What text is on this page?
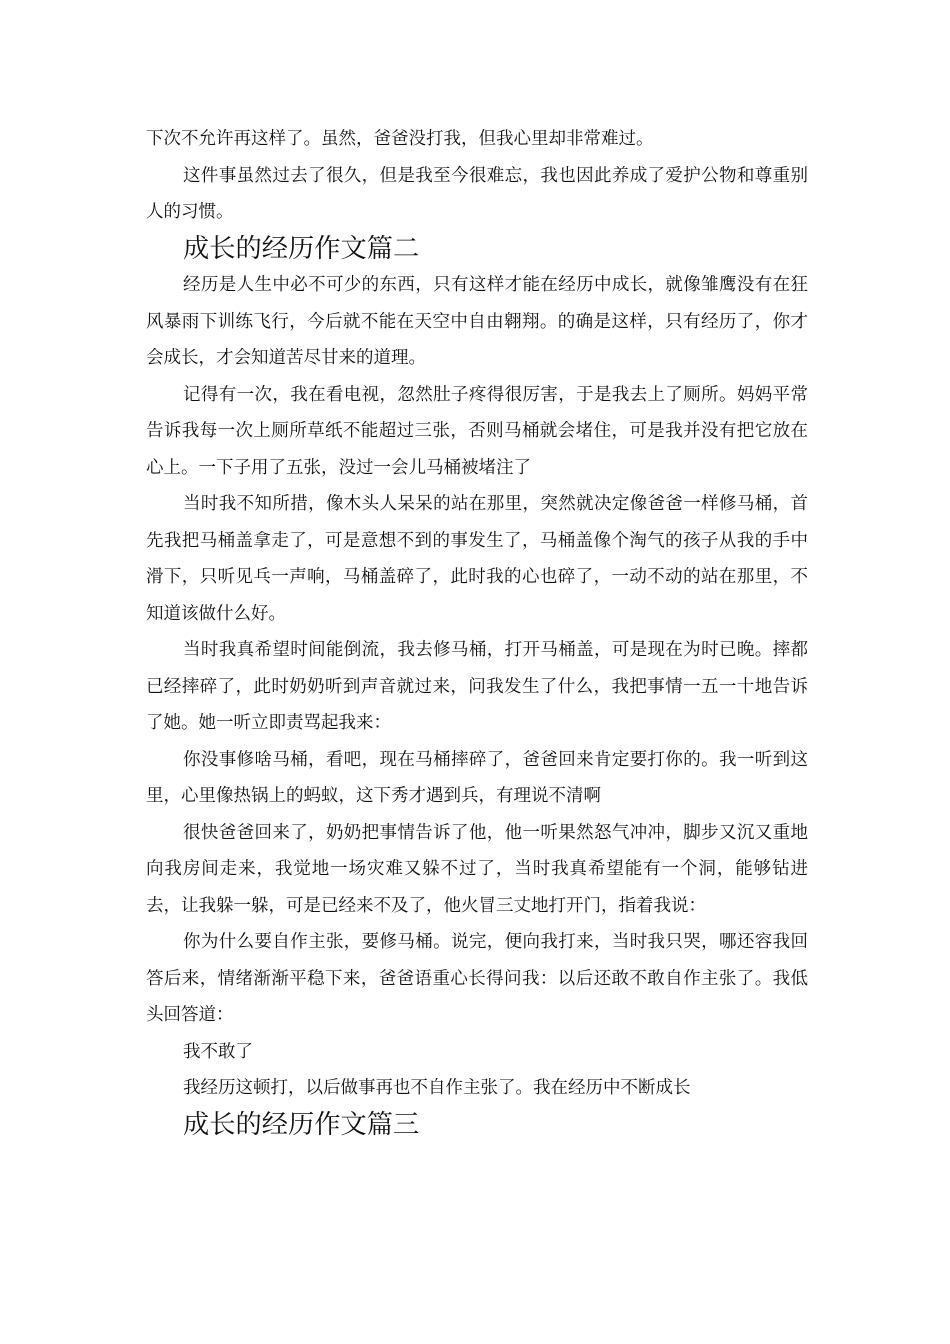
下次不允许再这样了。虽然，爸爸没打我，但我心里却非常难过。

这件事虽然过去了很久，但是我至今很难忘，我也因此养成了爱护公物和尊重别人的习惯。

成长的经历作文篇二

经历是人生中必不可少的东西，只有这样才能在经历中成长，就像雏鹰没有在狂风暴雨下训练飞行，今后就不能在天空中自由翱翔。的确是这样，只有经历了，你才会成长，才会知道苦尽甘来的道理。

记得有一次，我在看电视，忽然肚子疼得很厉害，于是我去上了厕所。妈妈平常告诉我每一次上厕所草纸不能超过三张，否则马桶就会堵住，可是我并没有把它放在心上。一下子用了五张，没过一会儿马桶被堵注了

当时我不知所措，像木头人呆呆的站在那里，突然就决定像爸爸一样修马桶，首先我把马桶盖拿走了，可是意想不到的事发生了，马桶盖像个淘气的孩子从我的手中滑下，只听见乓一声响，马桶盖碎了，此时我的心也碎了，一动不动的站在那里，不知道该做什么好。

当时我真希望时间能倒流，我去修马桶，打开马桶盖，可是现在为时已晚。摔都已经摔碎了，此时奶奶听到声音就过来，问我发生了什么，我把事情一五一十地告诉了她。她一听立即责骂起我来：

你没事修啥马桶，看吧，现在马桶摔碎了，爸爸回来肯定要打你的。我一听到这里，心里像热锅上的蚂蚁，这下秀才遇到兵，有理说不清啊

很快爸爸回来了，奶奶把事情告诉了他，他一听果然怒气冲冲，脚步又沉又重地向我房间走来，我觉地一场灾难又躲不过了，当时我真希望能有一个洞，能够钻进去，让我躲一躲，可是已经来不及了，他火冒三丈地打开门，指着我说：

你为什么要自作主张，要修马桶。说完，便向我打来，当时我只哭，哪还容我回答后来，情绪渐渐平稳下来，爸爸语重心长得问我：以后还敢不敢自作主张了。我低头回答道：

我不敢了

我经历这顿打，以后做事再也不自作主张了。我在经历中不断成长

成长的经历作文篇三
